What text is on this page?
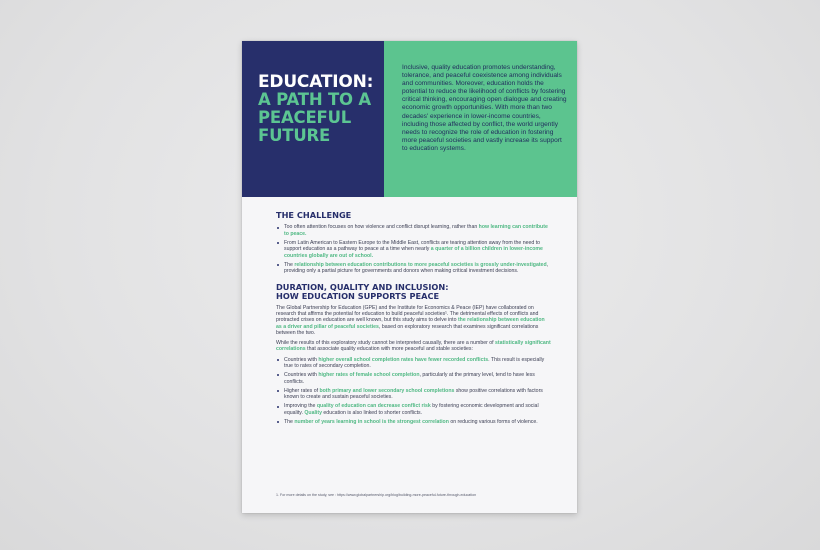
EDUCATION:
A PATH TO A PEACEFUL FUTURE

Inclusive, quality education promotes understanding, tolerance, and peaceful coexistence among individuals and communities. Moreover, education holds the potential to reduce the likelihood of conflicts by fostering critical thinking, encouraging open dialogue and creating economic growth opportunities. With more than two decades' experience in lower-income countries, including those affected by conflict, the world urgently needs to recognize the role of education in fostering more peaceful societies and vastly increase its support to education systems.

THE CHALLENGE
Too often attention focuses on how violence and conflict disrupt learning, rather than how learning can contribute to peace.
From Latin American to Eastern Europe to the Middle East, conflicts are tearing attention away from the need to support education as a pathway to peace at a time when nearly a quarter of a billion children in lower-income countries globally are out of school.
The relationship between education contributions to more peaceful societies is grossly under-investigated, providing only a partial picture for governments and donors when making critical investment decisions.
DURATION, QUALITY AND INCLUSION:
HOW EDUCATION SUPPORTS PEACE

The Global Partnership for Education (GPE) and the Institute for Economics & Peace (IEP) have collaborated on research that affirms the potential for education to build peaceful societies¹. The detrimental effects of conflicts and protracted crises on education are well known, but this study aims to delve into the relationship between education as a driver and pillar of peaceful societies, based on exploratory research that examines significant correlations between the two.

While the results of this exploratory study cannot be interpreted causally, there are a number of statistically significant correlations that associate quality education with more peaceful and stable societies:

Countries with higher overall school completion rates have fewer recorded conflicts. This result is especially true to rates of secondary completion.
Countries with higher rates of female school completion, particularly at the primary level, tend to have less conflicts.
Higher rates of both primary and lower secondary school completions show positive correlations with factors known to create and sustain peaceful societies.
Improving the quality of education can decrease conflict risk by fostering economic development and social equality. Quality education is also linked to shorter conflicts.
The number of years learning in school is the strongest correlation on reducing various forms of violence.
1. For more details on the study, see : https://www.globalpartnership.org/blog/building-more-peaceful-future-through-education
